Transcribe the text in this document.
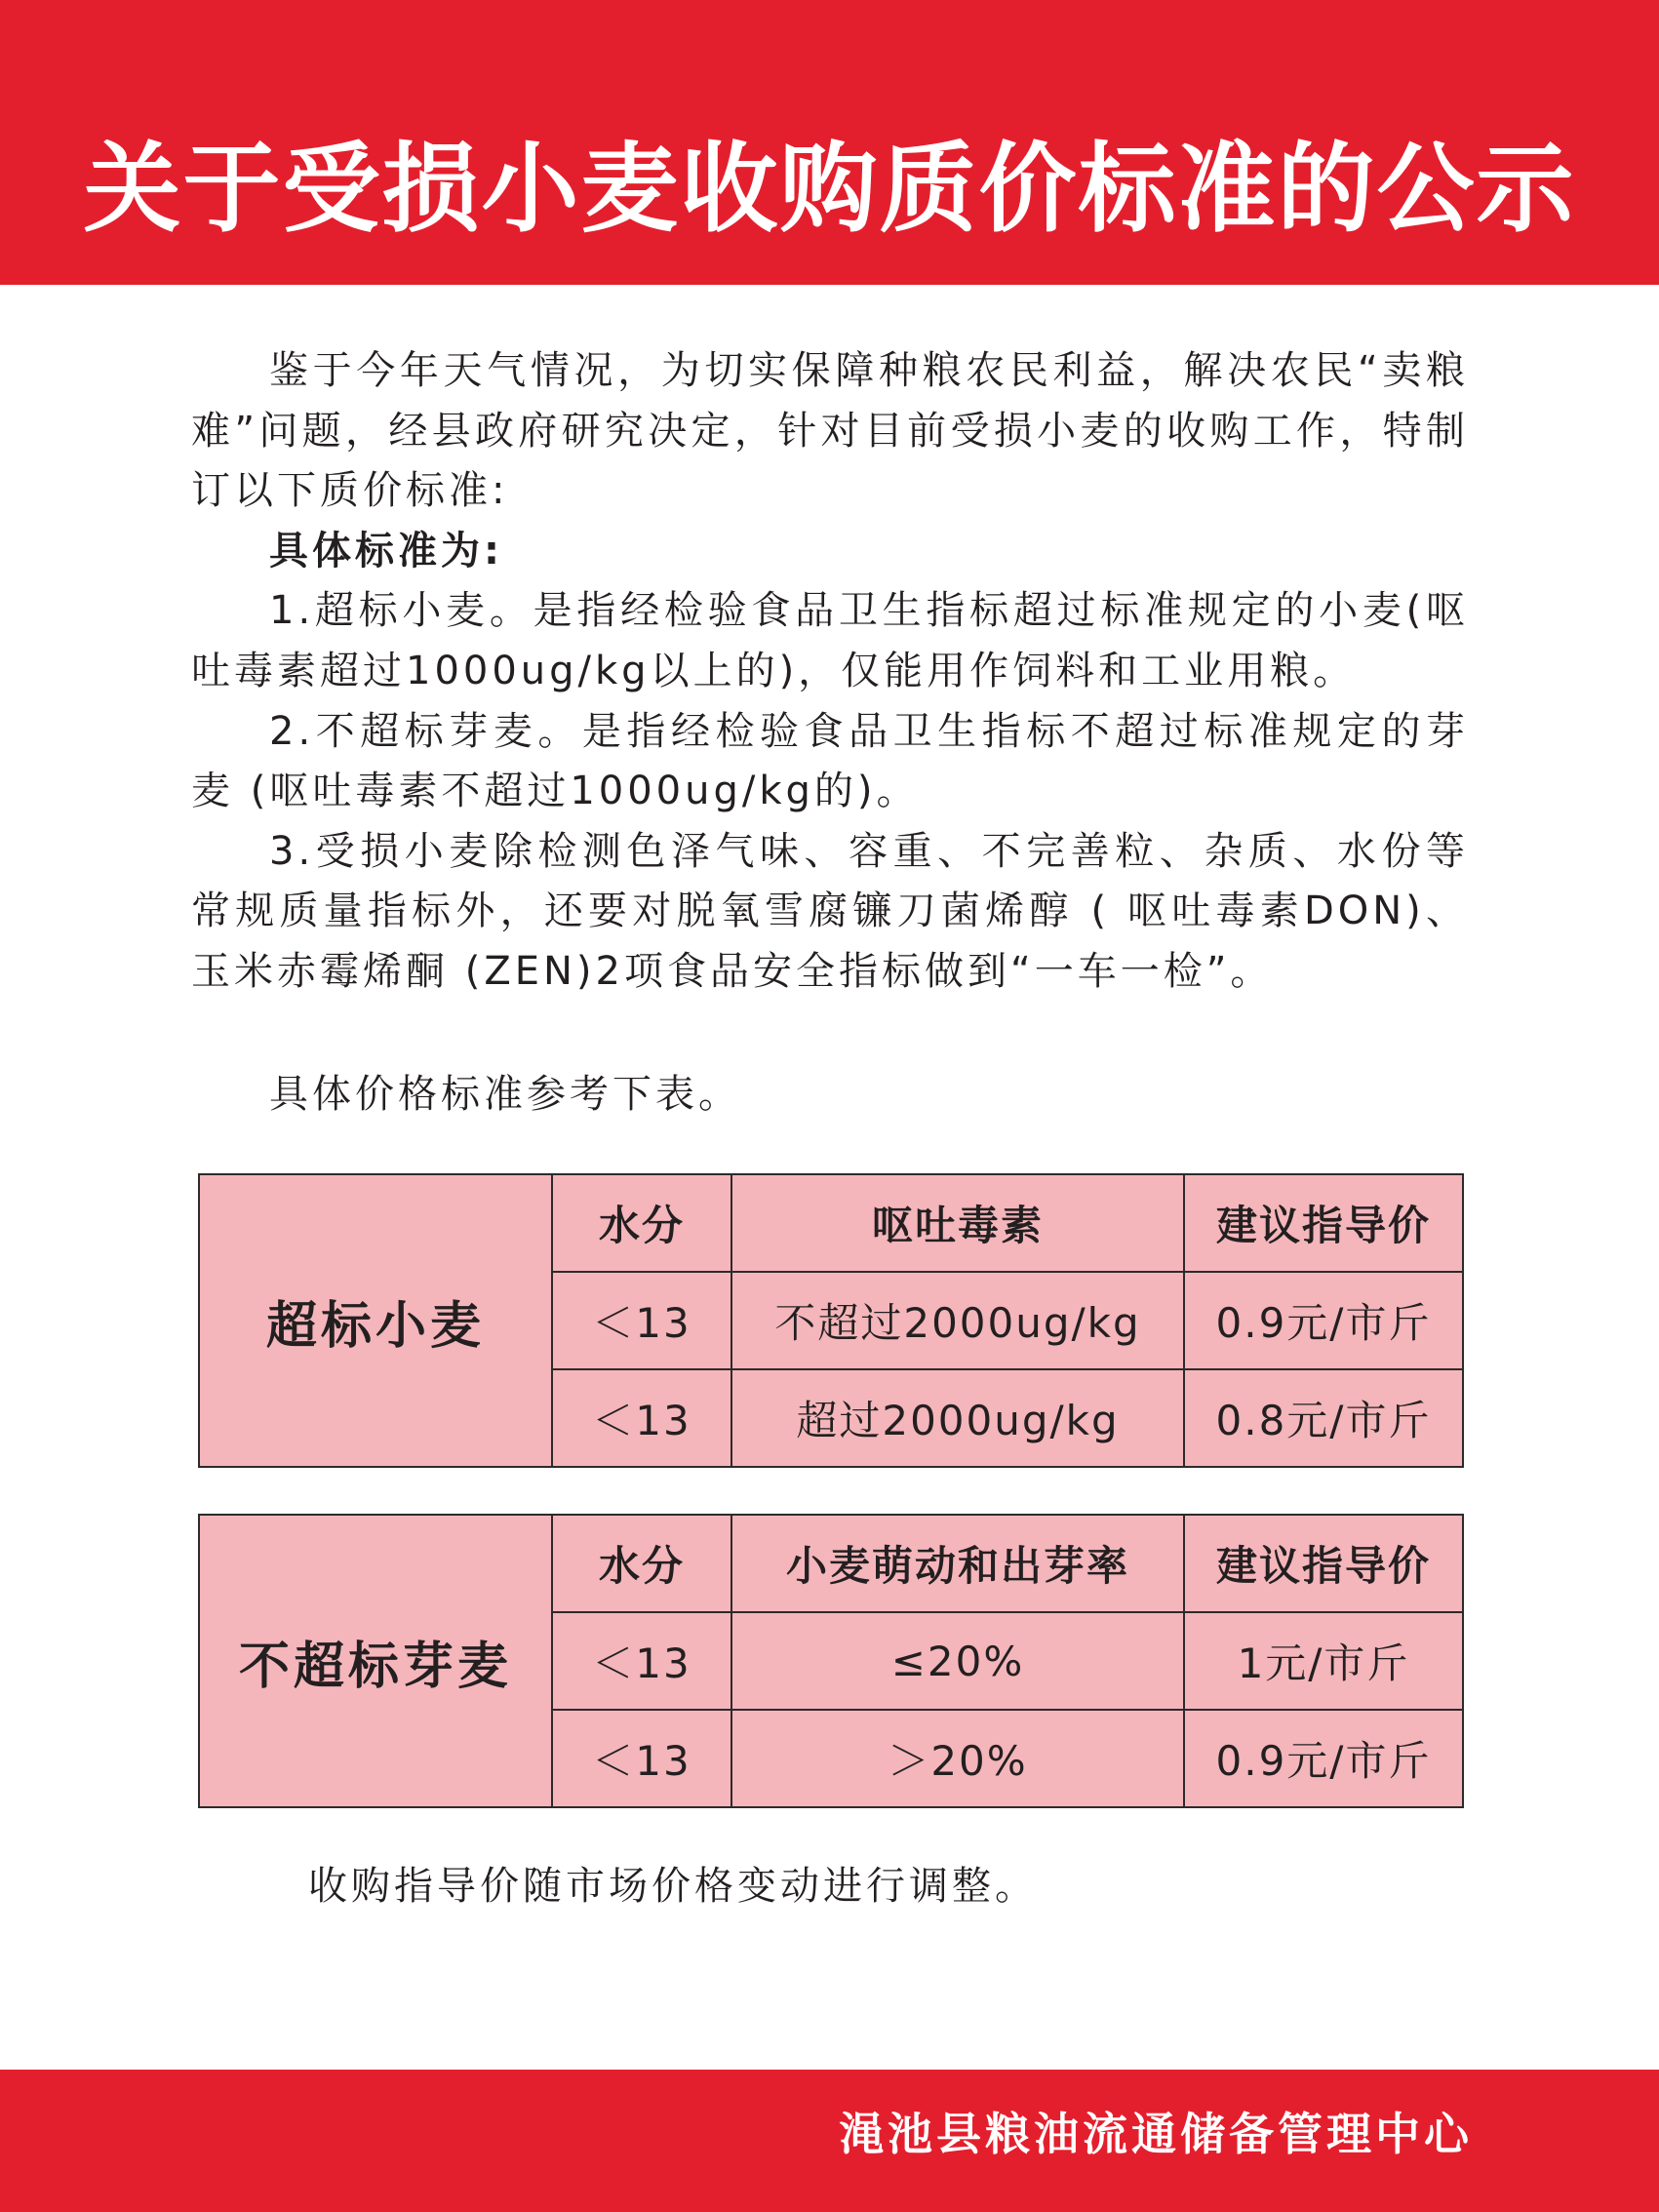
关于受损小麦收购质价标准的公示

鉴于今年天气情况，为切实保障种粮农民利益，解决农民“卖粮难”问题，经县政府研究决定，针对目前受损小麦的收购工作，特制订以下质价标准:

具体标准为:

1.超标小麦。是指经检验食品卫生指标超过标准规定的小麦(呕吐毒素超过1000ug/kg以上的)，仅能用作饲料和工业用粮。

2.不超标芽麦。是指经检验食品卫生指标不超过标准规定的芽麦 (呕吐毒素不超过1000ug/kg的)。

3.受损小麦除检测色泽气味、容重、不完善粒、杂质、水份等常规质量指标外，还要对脱氧雪腐镰刀菌烯醇 ( 呕吐毒素DON)、玉米赤霉烯酮 (ZEN)2项食品安全指标做到“一车一检”。

具体价格标准参考下表。
超标小麦	水分	呕吐毒素	建议指导价
	＜13	不超过2000ug/kg	0.9元/市斤
	＜13	超过2000ug/kg	0.8元/市斤
不超标芽麦	水分	小麦萌动和出芽率	建议指导价
	＜13	≤20%	1元/市斤
	＜13	＞20%	0.9元/市斤
收购指导价随市场价格变动进行调整。
渑池县粮油流通储备管理中心
